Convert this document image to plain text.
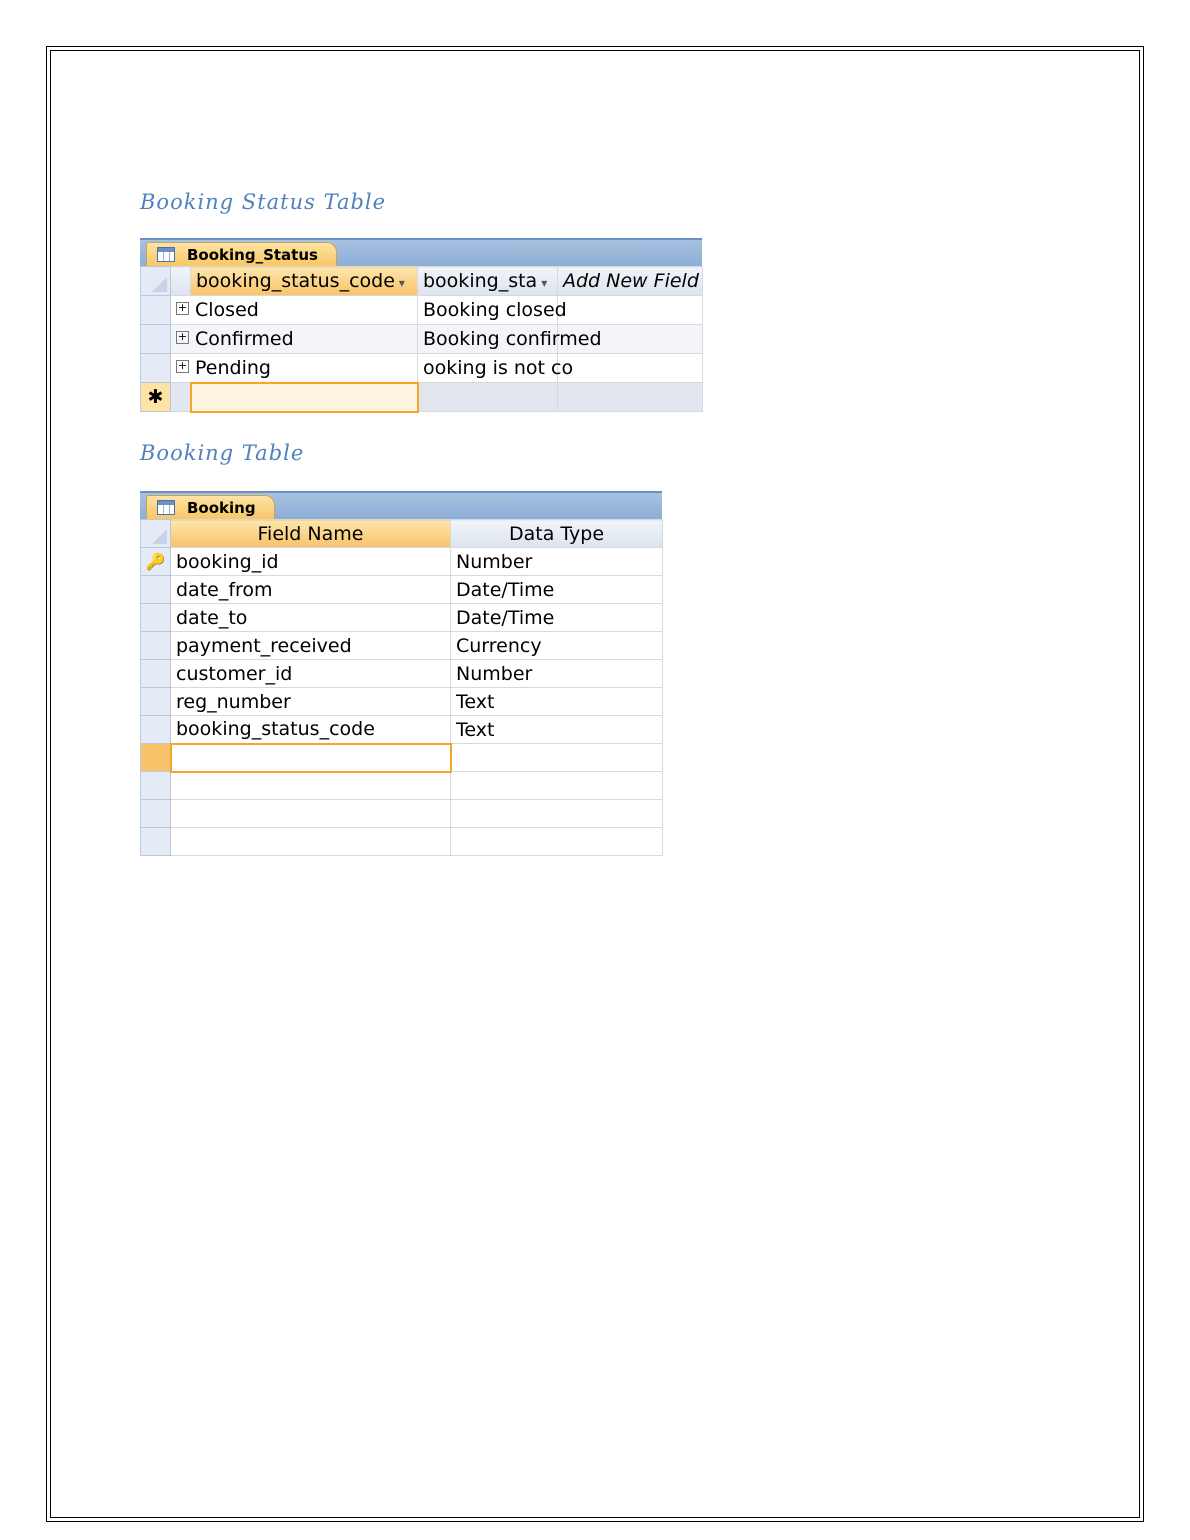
Booking Status Table
Booking_Status
		booking_status_code ▾	booking_sta ▾	Add New Field
	+ Closed		Booking closed	
	+ Confirmed		Booking confirmed	
	+ Pending		ooking is not co	
✱				
Booking Table
Booking
	Field Name	Data Type
🔑	booking_id	Number
	date_from	Date/Time
	date_to	Date/Time
	payment_received	Currency
	customer_id	Number
	reg_number	Text
	booking_status_code	Text
